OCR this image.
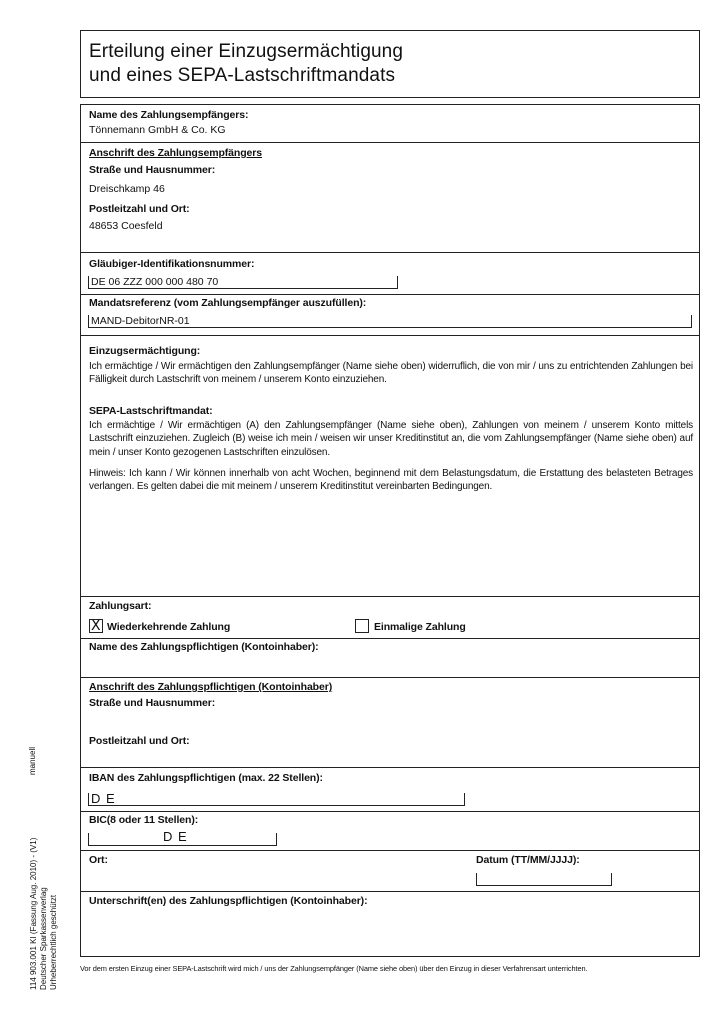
Erteilung einer Einzugsermächtigung
und eines SEPA-Lastschriftmandats
Name des Zahlungsempfängers:
Tönnemann GmbH & Co. KG
Anschrift des Zahlungsempfängers
Straße und Hausnummer:
Dreischkamp 46
Postleitzahl und Ort:
48653 Coesfeld
Gläubiger-Identifikationsnummer:
DE 06 ZZZ 000 000 480 70
Mandatsreferenz (vom Zahlungsempfänger auszufüllen):
MAND-DebitorNR-01
Einzugsermächtigung:
Ich ermächtige / Wir ermächtigen den Zahlungsempfänger (Name siehe oben) widerruflich, die von mir / uns zu entrichtenden Zahlungen bei Fälligkeit durch Lastschrift von meinem / unserem Konto einzuziehen.
SEPA-Lastschriftmandat:
Ich ermächtige / Wir ermächtigen (A) den Zahlungsempfänger (Name siehe oben), Zahlungen von meinem / unserem Konto mittels Lastschrift einzuziehen. Zugleich (B) weise ich mein / weisen wir unser Kreditinstitut an, die vom Zahlungsempfänger (Name siehe oben) auf mein / unser Konto gezogenen Lastschriften einzulösen.
Hinweis: Ich kann / Wir können innerhalb von acht Wochen, beginnend mit dem Belastungsdatum, die Erstattung des belasteten Betrages verlangen. Es gelten dabei die mit meinem / unserem Kreditinstitut vereinbarten Bedingungen.
Zahlungsart:
X Wiederkehrende Zahlung	Einmalige Zahlung
Name des Zahlungspflichtigen (Kontoinhaber):
Anschrift des Zahlungspflichtigen (Kontoinhaber)
Straße und Hausnummer:
Postleitzahl und Ort:
IBAN des Zahlungspflichtigen (max. 22 Stellen):
D E
BIC(8 oder 11 Stellen):
D E
Ort:	Datum (TT/MM/JJJJ):
Unterschrift(en) des Zahlungspflichtigen (Kontoinhaber):
Vor dem ersten Einzug einer SEPA-Lastschrift wird mich / uns der Zahlungsempfänger (Name siehe oben) über den Einzug in dieser Verfahrensart unterrichten.
manuell
114 903.001 KI (Fassung Aug. 2010) - (V1) Deutscher Sparkassenverlag Urheberrechtlich geschützt
